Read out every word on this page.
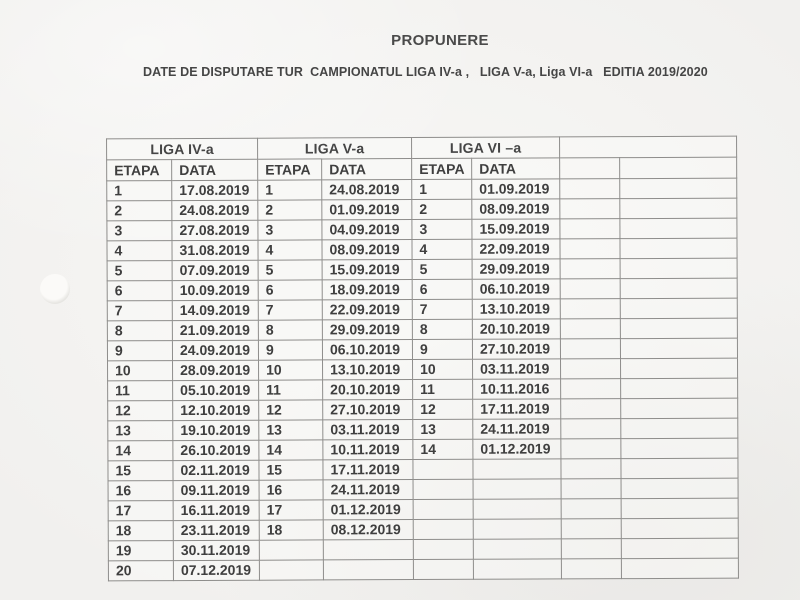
PROPUNERE
DATE DE DISPUTARE TUR  CAMPIONATUL LIGA IV-a ,   LIGA V-a, Liga VI-a   EDITIA 2019/2020
LIGA IV-a		LIGA V-a		LIGA VI –a			
ETAPA	DATA	ETAPA	DATA	ETAPA	DATA		
1	17.08.2019	1	24.08.2019	1	01.09.2019		
2	24.08.2019	2	01.09.2019	2	08.09.2019		
3	27.08.2019	3	04.09.2019	3	15.09.2019		
4	31.08.2019	4	08.09.2019	4	22.09.2019		
5	07.09.2019	5	15.09.2019	5	29.09.2019		
6	10.09.2019	6	18.09.2019	6	06.10.2019		
7	14.09.2019	7	22.09.2019	7	13.10.2019		
8	21.09.2019	8	29.09.2019	8	20.10.2019		
9	24.09.2019	9	06.10.2019	9	27.10.2019		
10	28.09.2019	10	13.10.2019	10	03.11.2019		
11	05.10.2019	11	20.10.2019	11	10.11.2016		
12	12.10.2019	12	27.10.2019	12	17.11.2019		
13	19.10.2019	13	03.11.2019	13	24.11.2019		
14	26.10.2019	14	10.11.2019	14	01.12.2019		
15	02.11.2019	15	17.11.2019				
16	09.11.2019	16	24.11.2019				
17	16.11.2019	17	01.12.2019				
18	23.11.2019	18	08.12.2019				
19	30.11.2019						
20	07.12.2019						
